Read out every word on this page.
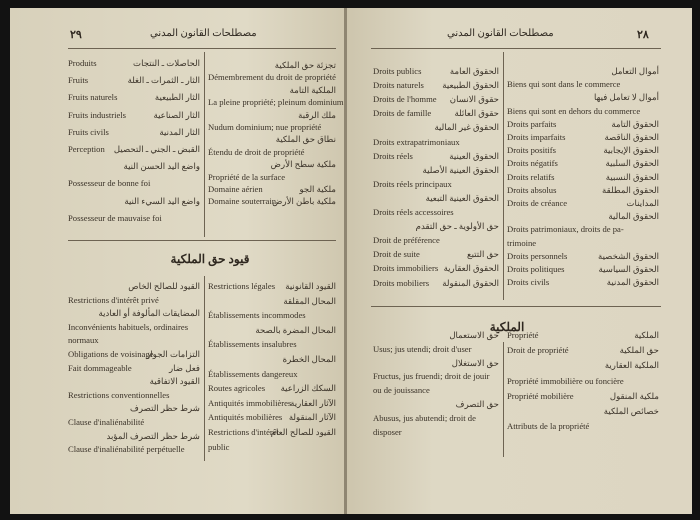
٢٩	مصطلحات القانون المدني
Produits	الحاصلات ـ النتجات
Fruits	الثار ـ الثمرات ـ الغلة
Fruits naturels	الثار الطبيعية
Fruits industriels	الثار الصناعية
Fruits civils	الثار المدنية
Perception	القبض ـ الجني ـ التحصيل
واضع اليد الحسن النية
Possesseur de bonne foi
واضع اليد السيء النية
Possesseur de mauvaise foi
تجزئة حق الملكية
Démembrement du droit de propriété
الملكية التامة
La pleine propriété; pleinum dominium
ملك الرقبة
Nudum dominium; nue propriété
نطاق حق الملكية
Étendu de droit de propriété
ملكية سطح الأرض
Propriété de la surface
Domaine aérien	ملكية الجو
Domaine souterrain
ملكية باطن الأرض
قيود حق الملكية
القيود للصالح الخاص
Restrictions d'intérêt privé
المضايقات المألوفة أو العادية
Inconvénients habituels, ordinaires
normaux
Obligations de voisinage
التزامات الجوار
Fait dommageable	فعل ضار
القيود الاتفاقية
Restrictions conventionnelles
شرط حظر التصرف
Clause d'inaliénabilité
شرط حظر التصرف المؤبد
Clause d'inaliénabilité perpétuelle
Restrictions légales	القيود القانونية
المحال المقلقة
Établissements incommodes
المحال المضرة بالصحة
Établissements insalubres
المحال الخطرة
Établissements dangereux
Routes agricoles	السكك الزراعية
Antiquités immobilières
الآثار العقارية
Antiquités mobilières الآثار المنقولة
Restrictions d'intérêt
القيود للصالح العام
public
مصطلحات القانون المدني	٢٨
Droits publics	الحقوق العامة
Droits naturels	الحقوق الطبيعية
Droits de l'homme	حقوق الانسان
Droits de famille	حقوق العائلة
الحقوق غير المالية
Droits extrapatrimoniaux
Droits réels	الحقوق العينية
الحقوق العينية الأصلية
Droits réels principaux
الحقوق العينية التبعية
Droits réels accessoires
حق الأولوية ـ حق التقدم
Droit de préférence
Droit de suite	حق التتبع
Droits immobiliers الحقوق العقارية
Droits mobiliers	الحقوق المنقولة
أموال التعامل
Biens qui sont dans le commerce
أموال لا تعامل فيها
Biens qui sont en dehors du commerce
Droits parfaits	الحقوق التامة
Droits imparfaits	الحقوق الناقصة
Droits positifs	الحقوق الإيجابية
Droits négatifs	الحقوق السلبية
Droits relatifs	الحقوق النسبية
Droits absolus	الحقوق المطلقة
Droits de créance	المداينات
الحقوق المالية
Droits patrimoniaux, droits de pa-
trimoine
Droits personnels	الحقوق الشخصية
Droits politiques	الحقوق السياسية
Droits civils	الحقوق المدنية
الملكية
حق الاستعمال
Usus; jus utendi; droit d'user
حق الاستغلال
Fructus, jus fruendi; droit de jouir
ou de jouissance
حق التصرف
Abusus, jus abutendi; droit de
disposer
Propriété	الملكية
Droit de propriété	حق الملكية
الملكية العقارية
Propriété immobilière ou foncière
Propriété mobilière	ملكية المنقول
خصائص الملكية
Attributs de la propriété
